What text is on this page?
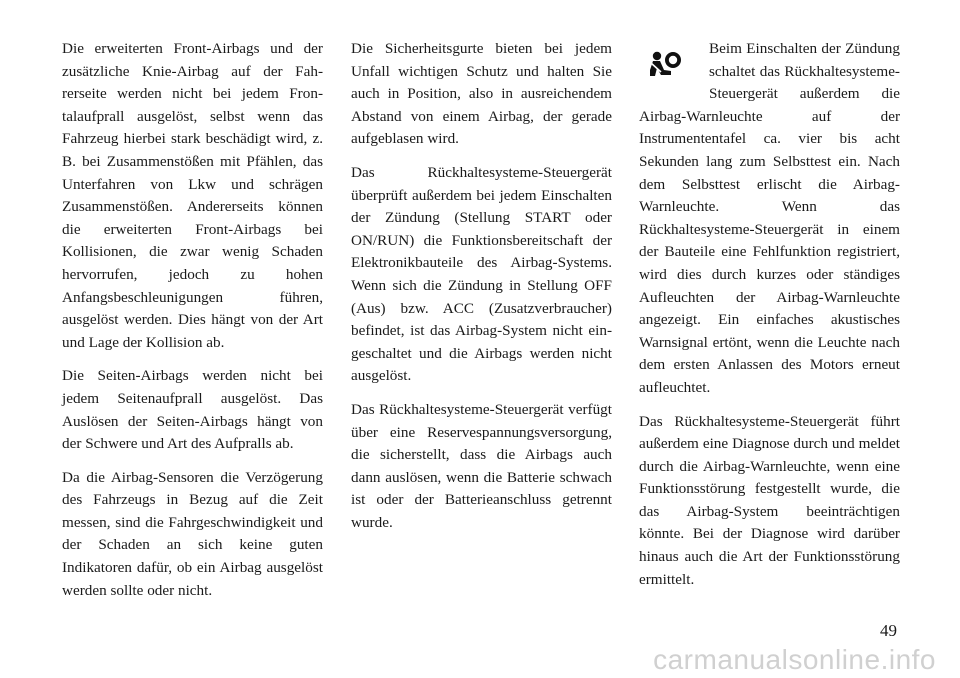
Die erweiterten Front-Airbags und der zusätzliche Knie-Airbag auf der Fahrerseite werden nicht bei jedem Frontalaufprall ausgelöst, selbst wenn das Fahrzeug hierbei stark beschädigt wird, z. B. bei Zusammenstößen mit Pfählen, das Unterfahren von Lkw und schrägen Zusammenstößen. Andererseits können die erweiterten Front-Airbags bei Kollisionen, die zwar wenig Schaden hervorrufen, jedoch zu hohen Anfangsbeschleunigungen führen, ausgelöst werden. Dies hängt von der Art und Lage der Kollision ab.

Die Seiten-Airbags werden nicht bei jedem Seitenaufprall ausgelöst. Das Auslösen der Seiten-Airbags hängt von der Schwere und Art des Aufpralls ab.

Da die Airbag-Sensoren die Verzögerung des Fahrzeugs in Bezug auf die Zeit messen, sind die Fahrgeschwindigkeit und der Schaden an sich keine guten Indikatoren dafür, ob ein Airbag ausgelöst werden sollte oder nicht.

Die Sicherheitsgurte bieten bei jedem Unfall wichtigen Schutz und halten Sie auch in Position, also in ausreichendem Abstand von einem Airbag, der gerade aufgeblasen wird.

Das Rückhaltesysteme-Steuergerät überprüft außerdem bei jedem Einschalten der Zündung (Stellung START oder ON/RUN) die Funktionsbereitschaft der Elektronikbauteile des Airbag-Systems. Wenn sich die Zündung in Stellung OFF (Aus) bzw. ACC (Zusatzverbraucher) befindet, ist das Airbag-System nicht eingeschaltet und die Airbags werden nicht ausgelöst.

Das Rückhaltesysteme-Steuergerät verfügt über eine Reservespannungsversorgung, die sicherstellt, dass die Airbags auch dann auslösen, wenn die Batterie schwach ist oder der Batterieanschluss getrennt wurde.

Beim Einschalten der Zündung schaltet das Rückhaltesysteme-Steuergerät außerdem die Airbag-Warnleuchte auf der Instrumententafel ca. vier bis acht Sekunden lang zum Selbsttest ein. Nach dem Selbsttest erlischt die Airbag-Warnleuchte. Wenn das Rückhaltesysteme-Steuergerät in einem der Bauteile eine Fehlfunktion registriert, wird dies durch kurzes oder ständiges Aufleuchten der Airbag-Warnleuchte angezeigt. Ein einfaches akustisches Warnsignal ertönt, wenn die Leuchte nach dem ersten Anlassen des Motors erneut aufleuchtet.

Das Rückhaltesysteme-Steuergerät führt außerdem eine Diagnose durch und meldet durch die Airbag-Warnleuchte, wenn eine Funktionsstörung festgestellt wurde, die das Airbag-System beeinträchtigen könnte. Bei der Diagnose wird darüber hinaus auch die Art der Funktionsstörung ermittelt.

49
carmanualsonline.info
